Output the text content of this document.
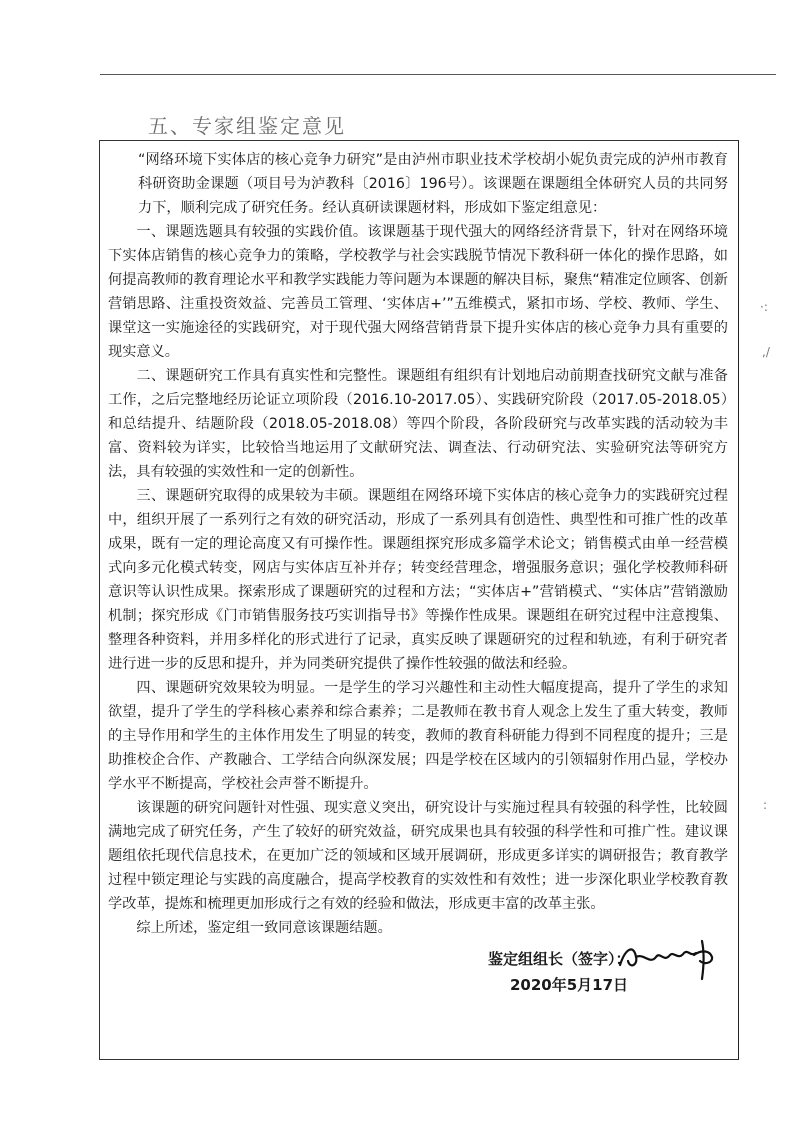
五、专家组鉴定意见

“网络环境下实体店的核心竞争力研究”是由泸州市职业技术学校胡小妮负责完成的泸州市教育科研资助金课题（项目号为泸教科〔2016〕196号）。该课题在课题组全体研究人员的共同努力下，顺利完成了研究任务。经认真研读课题材料，形成如下鉴定组意见：

一、课题选题具有较强的实践价值。该课题基于现代强大的网络经济背景下，针对在网络环境下实体店销售的核心竞争力的策略，学校教学与社会实践脱节情况下教科研一体化的操作思路，如何提高教师的教育理论水平和教学实践能力等问题为本课题的解决目标，聚焦“精准定位顾客、创新营销思路、注重投资效益、完善员工管理、‘实体店+’”五维模式，紧扣市场、学校、教师、学生、课堂这一实施途径的实践研究，对于现代强大网络营销背景下提升实体店的核心竞争力具有重要的现实意义。

二、课题研究工作具有真实性和完整性。课题组有组织有计划地启动前期查找研究文献与准备工作，之后完整地经历论证立项阶段（2016.10-2017.05）、实践研究阶段（2017.05-2018.05）和总结提升、结题阶段（2018.05-2018.08）等四个阶段，各阶段研究与改革实践的活动较为丰富、资料较为详实，比较恰当地运用了文献研究法、调查法、行动研究法、实验研究法等研究方法，具有较强的实效性和一定的创新性。

三、课题研究取得的成果较为丰硕。课题组在网络环境下实体店的核心竞争力的实践研究过程中，组织开展了一系列行之有效的研究活动，形成了一系列具有创造性、典型性和可推广性的改革成果，既有一定的理论高度又有可操作性。课题组探究形成多篇学术论文；销售模式由单一经营模式向多元化模式转变，网店与实体店互补并存；转变经营理念，增强服务意识；强化学校教师科研意识等认识性成果。探索形成了课题研究的过程和方法；“实体店+”营销模式、“实体店”营销激励机制；探究形成《门市销售服务技巧实训指导书》等操作性成果。课题组在研究过程中注意搜集、整理各种资料，并用多样化的形式进行了记录，真实反映了课题研究的过程和轨迹，有利于研究者进行进一步的反思和提升，并为同类研究提供了操作性较强的做法和经验。

四、课题研究效果较为明显。一是学生的学习兴趣性和主动性大幅度提高，提升了学生的求知欲望，提升了学生的学科核心素养和综合素养；二是教师在教书育人观念上发生了重大转变，教师的主导作用和学生的主体作用发生了明显的转变，教师的教育科研能力得到不同程度的提升；三是助推校企合作、产教融合、工学结合向纵深发展；四是学校在区域内的引领辐射作用凸显，学校办学水平不断提高，学校社会声誉不断提升。

该课题的研究问题针对性强、现实意义突出，研究设计与实施过程具有较强的科学性，比较圆满地完成了研究任务，产生了较好的研究效益，研究成果也具有较强的科学性和可推广性。建议课题组依托现代信息技术，在更加广泛的领域和区域开展调研，形成更多详实的调研报告；教育教学过程中锁定理论与实践的高度融合，提高学校教育的实效性和有效性；进一步深化职业学校教育教学改革，提炼和梳理更加形成行之有效的经验和做法，形成更丰富的改革主张。

综上所述，鉴定组一致同意该课题结题。

鉴定组组长（签字）：
2020年5月17日
·:
,/
:
